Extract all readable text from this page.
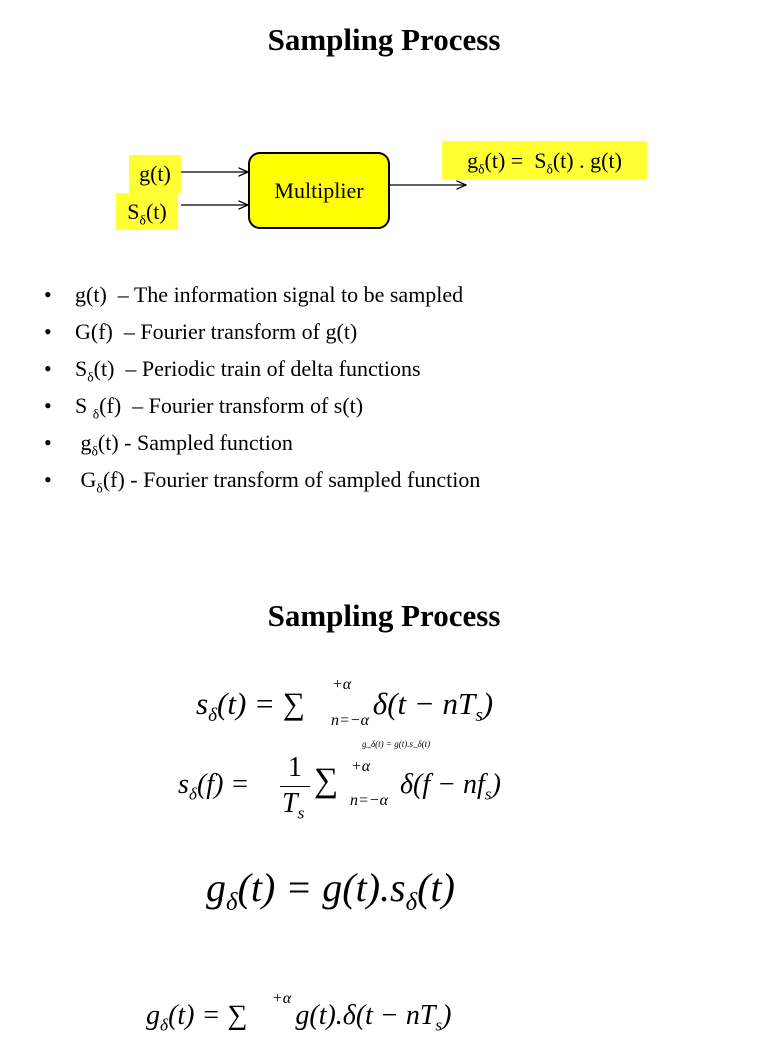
Sampling Process
g(t)
$S_\delta(t)$
Multiplier
$g_\delta(t) = S_\delta(t)$ . g(t)
•	g(t)  – The information signal to be sampled
•	G(f)  – Fourier transform of g(t)
•	$S_\delta(t)$  – Periodic train of delta functions
•	S $_\delta$(f)  – Fourier transform of s(t)
•	$g_\delta(t)$ - Sampled function
•	$G_\delta(f)$ - Fourier transform of sampled function
Sampling Process
$s_\delta(t)$ = ∑ $\delta(t - nT_s)$
+α
n=−α
g_δ(t) = g(t).s_δ(t)
$s_\delta(f)$ =
1
$T_s$
∑ +α
n=−α
$\delta(f - nf_s)$
$g_\delta(t) = g(t).s_\delta(t)$
$g_\delta(t)$ = ∑ $g(t).\delta(t - nT_s)$
+α
